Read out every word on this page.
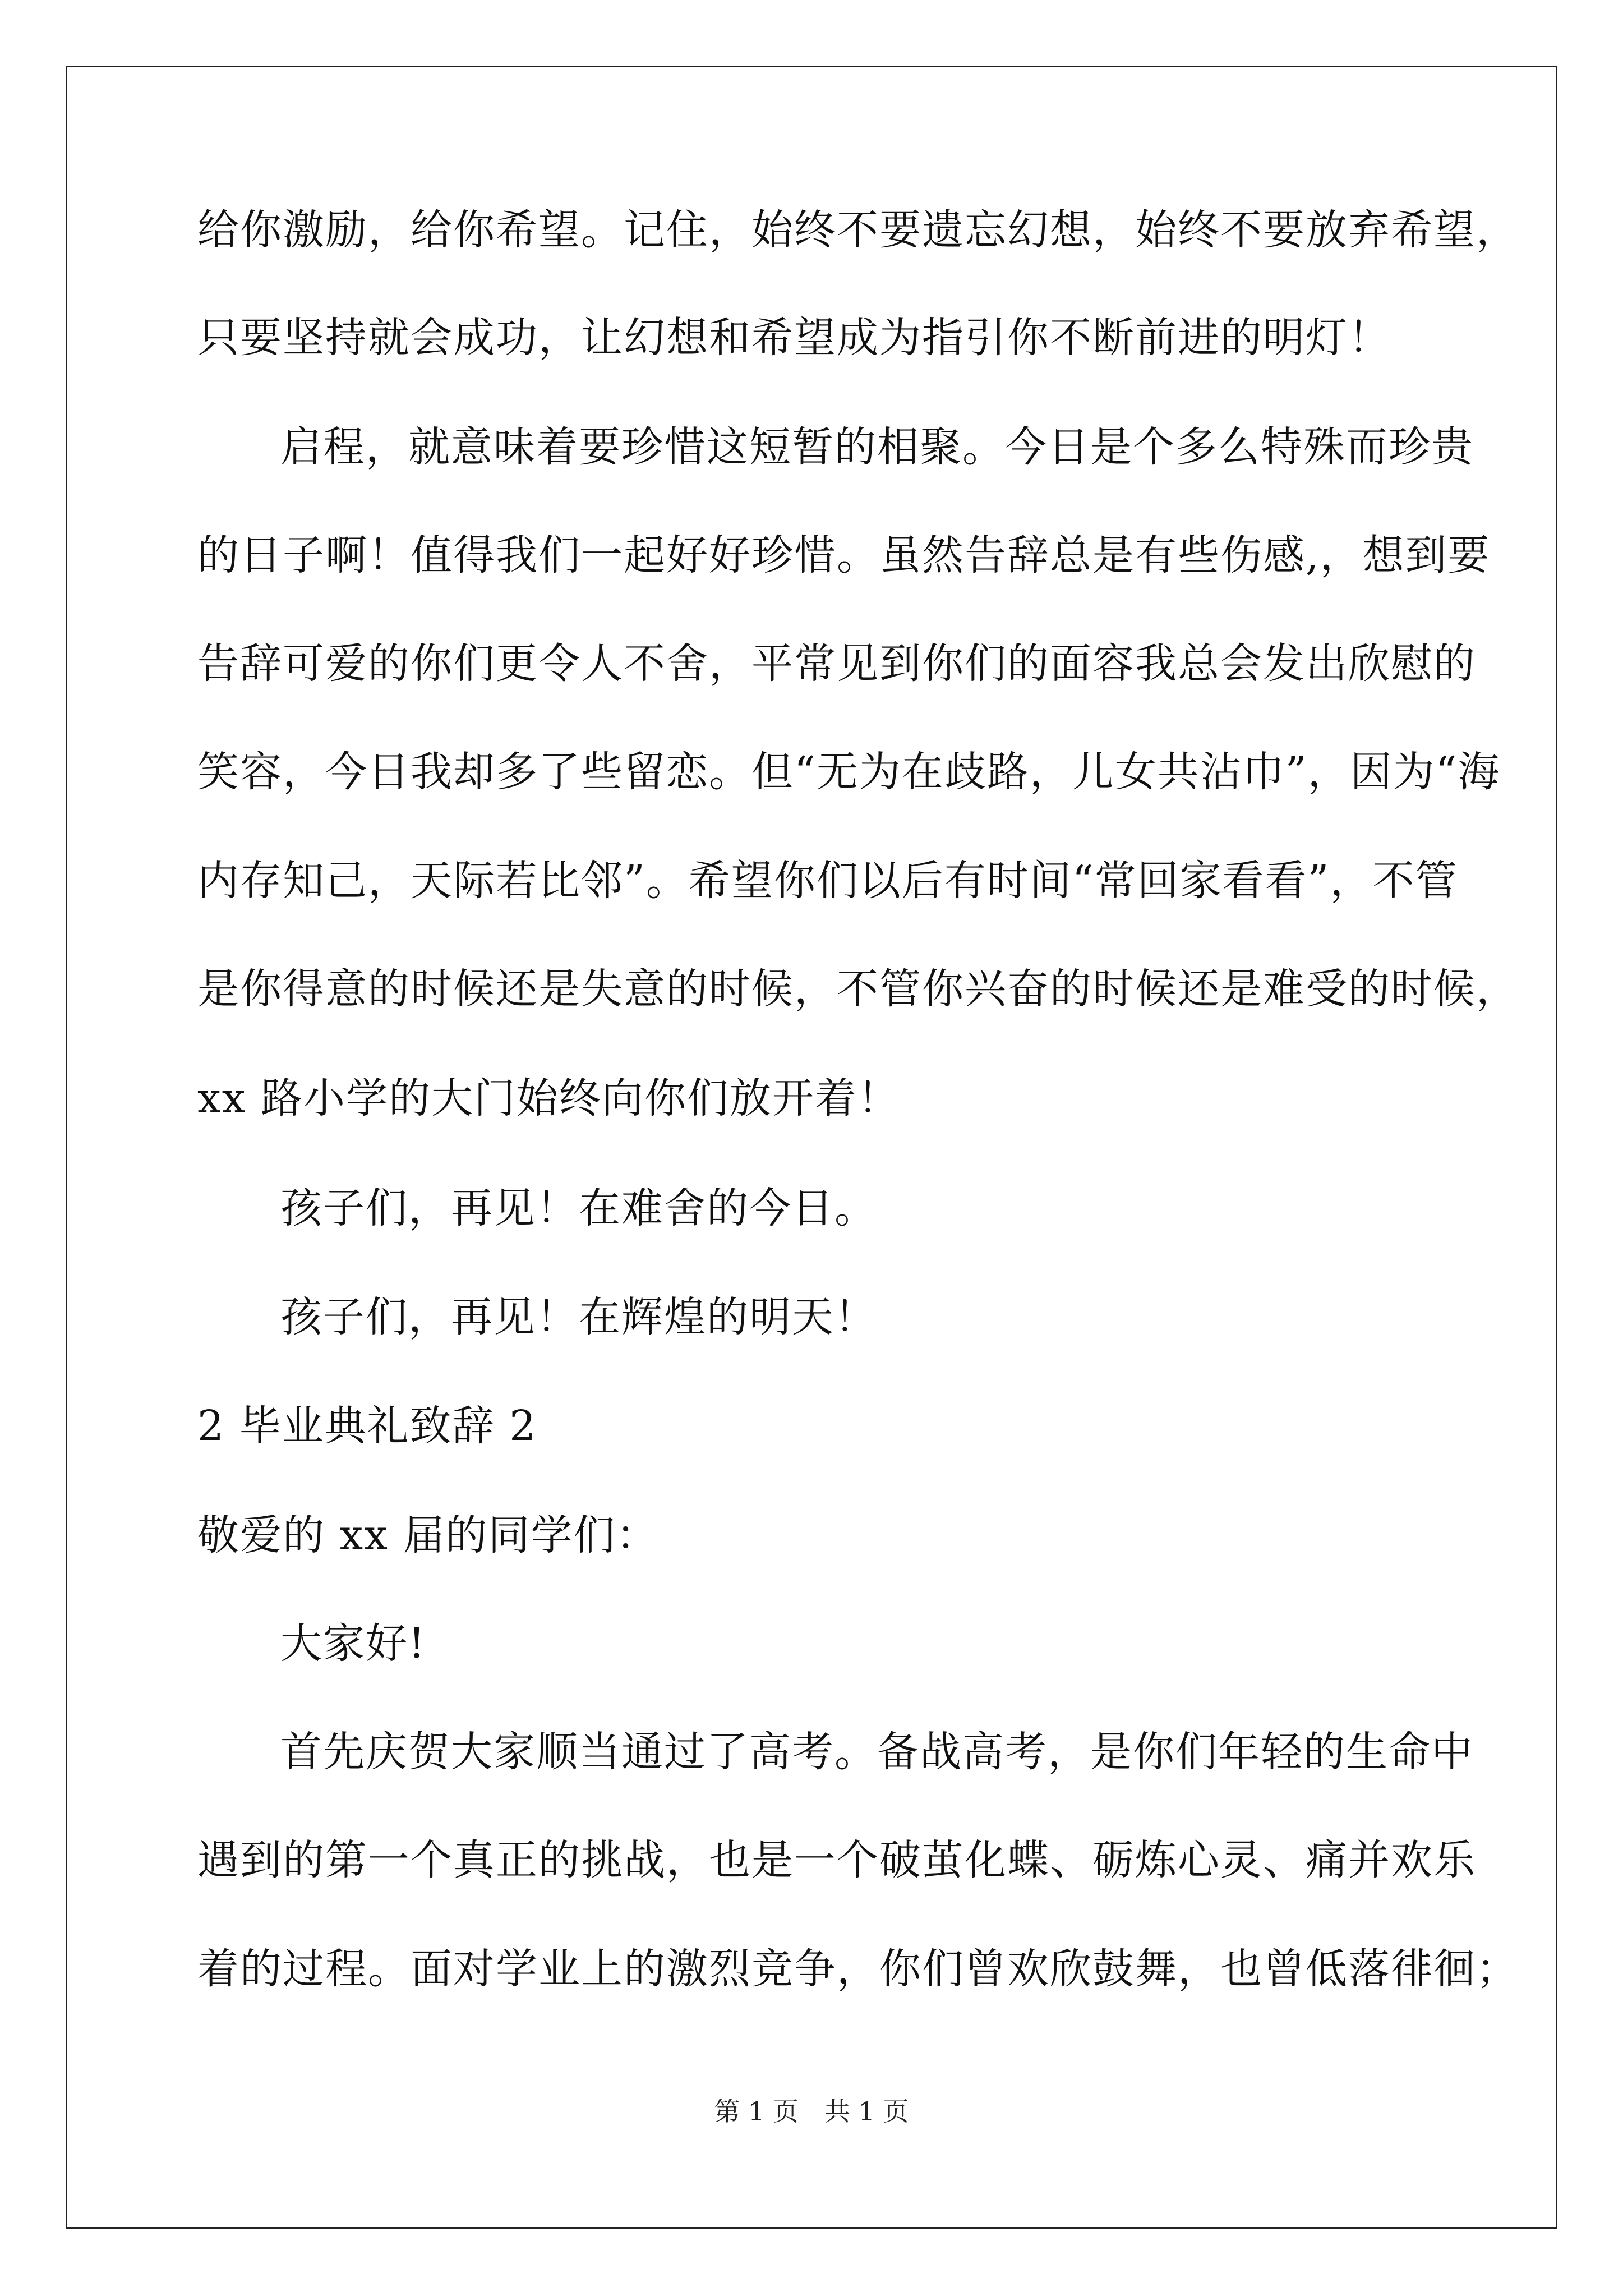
给你激励，给你希望。记住，始终不要遗忘幻想，始终不要放弃希望，
只要坚持就会成功，让幻想和希望成为指引你不断前进的明灯！
启程，就意味着要珍惜这短暂的相聚。今日是个多么特殊而珍贵
的日子啊！值得我们一起好好珍惜。虽然告辞总是有些伤感,，想到要
告辞可爱的你们更令人不舍，平常见到你们的面容我总会发出欣慰的
笑容，今日我却多了些留恋。但“无为在歧路，儿女共沾巾”，因为“海
内存知己，天际若比邻”。希望你们以后有时间“常回家看看”，不管
是你得意的时候还是失意的时候，不管你兴奋的时候还是难受的时候，
xx 路小学的大门始终向你们放开着！
孩子们，再见！在难舍的今日。
孩子们，再见！在辉煌的明天！
2 毕业典礼致辞 2
敬爱的 xx 届的同学们：
大家好!
首先庆贺大家顺当通过了高考。备战高考，是你们年轻的生命中
遇到的第一个真正的挑战，也是一个破茧化蝶、砺炼心灵、痛并欢乐
着的过程。面对学业上的激烈竞争，你们曾欢欣鼓舞，也曾低落徘徊；
第 1 页 共 1 页
